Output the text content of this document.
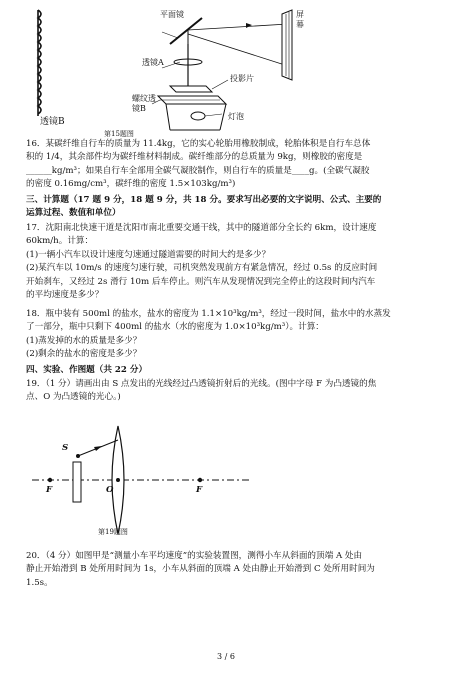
平面镜	屏幕
透镜A
投影片
螺纹透镜B
灯泡
透镜B
第15题图
16．某碳纤维自行车的质量为 11.4kg，它的实心轮胎用橡胶制成，轮胎体积是自行车总体
积的 1/4，其余部件均为碳纤维材料制成。碳纤维部分的总质量为 9kg，则橡胶的密度是
______kg/m³；如果自行车全部用全碳气凝胶制作，则自行车的质量是____g。(全碳气凝胶
的密度 0.16mg/cm³，碳纤维的密度 1.5×103kg/m³)
三、计算题（17 题 9 分，18 题 9 分，共 18 分。要求写出必要的文字说明、公式、主要的
运算过程、数值和单位）
17．沈阳南北快速干道是沈阳市南北重要交通干线，其中的隧道部分全长约 6km，设计速度
60km/h。计算：
(1)一辆小汽车以设计速度匀速通过隧道需要的时间大约是多少？
(2)某汽车以 10m/s 的速度匀速行驶，司机突然发现前方有紧急情况，经过 0.5s 的反应时间
开始刹车，又经过 2s 滑行 10m 后车停止。则汽车从发现情况到完全停止的这段时间内汽车
的平均速度是多少？
18．瓶中装有 500ml 的盐水，盐水的密度为 1.1×10³kg/m³，经过一段时间，盐水中的水蒸发
了一部分，瓶中只剩下 400ml 的盐水（水的密度为 1.0×10³kg/m³）。计算：
(1)蒸发掉的水的质量是多少？
(2)剩余的盐水的密度是多少？
四、实验、作图题（共 22 分）
19．（1 分）请画出由 S 点发出的光线经过凸透镜折射后的光线。(图中字母 F 为凸透镜的焦
点、O 为凸透镜的光心。)
S
F	O	F
第19题图
20．（4 分）如图甲是“测量小车平均速度”的实验装置图，测得小车从斜面的顶端 A 处由
静止开始滑到 B 处所用时间为 1s，小车从斜面的顶端 A 处由静止开始滑到 C 处所用时间为
1.5s。
3 / 6
